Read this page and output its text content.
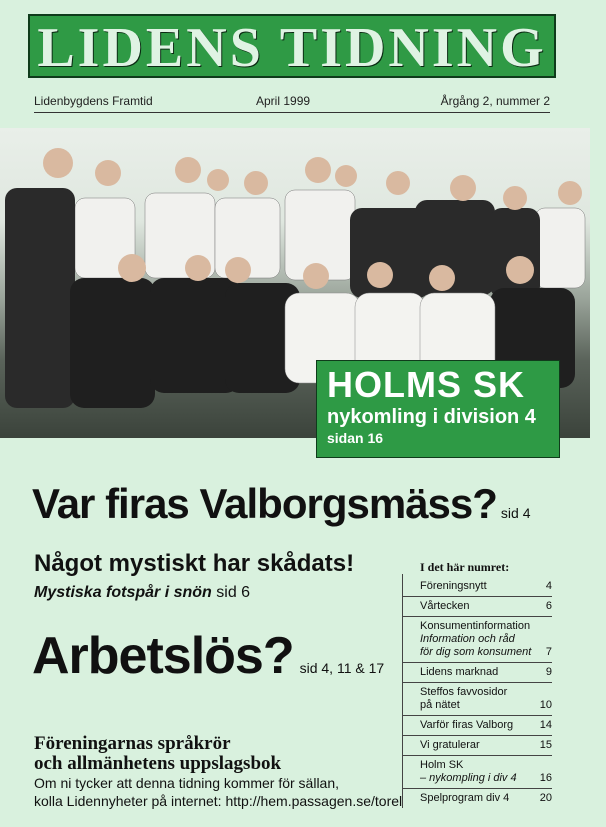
LIDENS TIDNING
Lidenbygdens Framtid	April 1999	Årgång 2, nummer 2
HOLMS SK
nykomling i division 4
sidan 16
Var firas Valborgsmäss? sid 4
Något mystiskt har skådats!
Mystiska fotspår i snön sid 6
Arbetslös? sid 4, 11 & 17
Föreningarnas språkrör
och allmänhetens uppslagsbok
Om ni tycker att denna tidning kommer för sällan,
kolla Lidennyheter på internet: http://hem.passagen.se/torel
I det här numret:
Föreningsnytt	4
Vårtecken	6
Konsumentinformation
Information och råd
för dig som konsument	7
Lidens marknad	9
Steffos favvosidor
på nätet	10
Varför firas Valborg 14
Vi gratulerar	15
Holm SK
– nykompling i div 4	16
Spelprogram div 4	20
